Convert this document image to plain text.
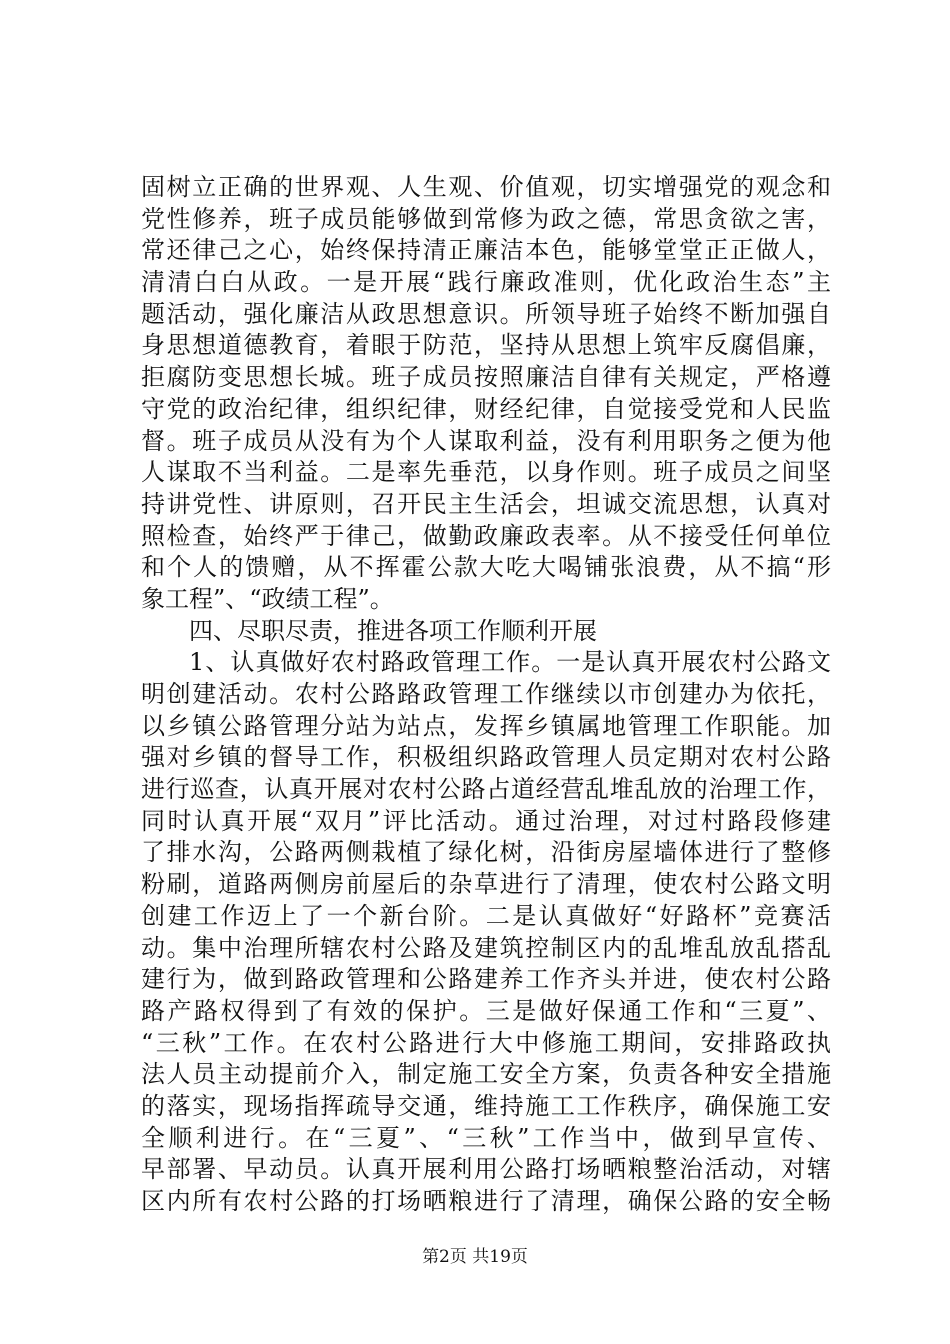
固树立正确的世界观、人生观、价值观，切实增强党的观念和
党性修养，班子成员能够做到常修为政之德，常思贪欲之害，
常还律己之心，始终保持清正廉洁本色，能够堂堂正正做人，
清清白白从政。一是开展“践行廉政准则，优化政治生态”主
题活动，强化廉洁从政思想意识。所领导班子始终不断加强自
身思想道德教育，着眼于防范，坚持从思想上筑牢反腐倡廉，
拒腐防变思想长城。班子成员按照廉洁自律有关规定，严格遵
守党的政治纪律，组织纪律，财经纪律，自觉接受党和人民监
督。班子成员从没有为个人谋取利益，没有利用职务之便为他
人谋取不当利益。二是率先垂范，以身作则。班子成员之间坚
持讲党性、讲原则，召开民主生活会，坦诚交流思想，认真对
照检查，始终严于律己，做勤政廉政表率。从不接受任何单位
和个人的馈赠，从不挥霍公款大吃大喝铺张浪费，从不搞“形
象工程”、“政绩工程”。
四、尽职尽责，推进各项工作顺利开展
1、认真做好农村路政管理工作。一是认真开展农村公路文
明创建活动。农村公路路政管理工作继续以市创建办为依托，
以乡镇公路管理分站为站点，发挥乡镇属地管理工作职能。加
强对乡镇的督导工作，积极组织路政管理人员定期对农村公路
进行巡查，认真开展对农村公路占道经营乱堆乱放的治理工作，
同时认真开展“双月”评比活动。通过治理，对过村路段修建
了排水沟，公路两侧栽植了绿化树，沿街房屋墙体进行了整修
粉刷，道路两侧房前屋后的杂草进行了清理，使农村公路文明
创建工作迈上了一个新台阶。二是认真做好“好路杯”竞赛活
动。集中治理所辖农村公路及建筑控制区内的乱堆乱放乱搭乱
建行为，做到路政管理和公路建养工作齐头并进，使农村公路
路产路权得到了有效的保护。三是做好保通工作和“三夏”、
“三秋”工作。在农村公路进行大中修施工期间，安排路政执
法人员主动提前介入，制定施工安全方案，负责各种安全措施
的落实，现场指挥疏导交通，维持施工工作秩序，确保施工安
全顺利进行。在“三夏”、“三秋”工作当中，做到早宣传、
早部署、早动员。认真开展利用公路打场晒粮整治活动，对辖
区内所有农村公路的打场晒粮进行了清理，确保公路的安全畅
第2页 共19页
